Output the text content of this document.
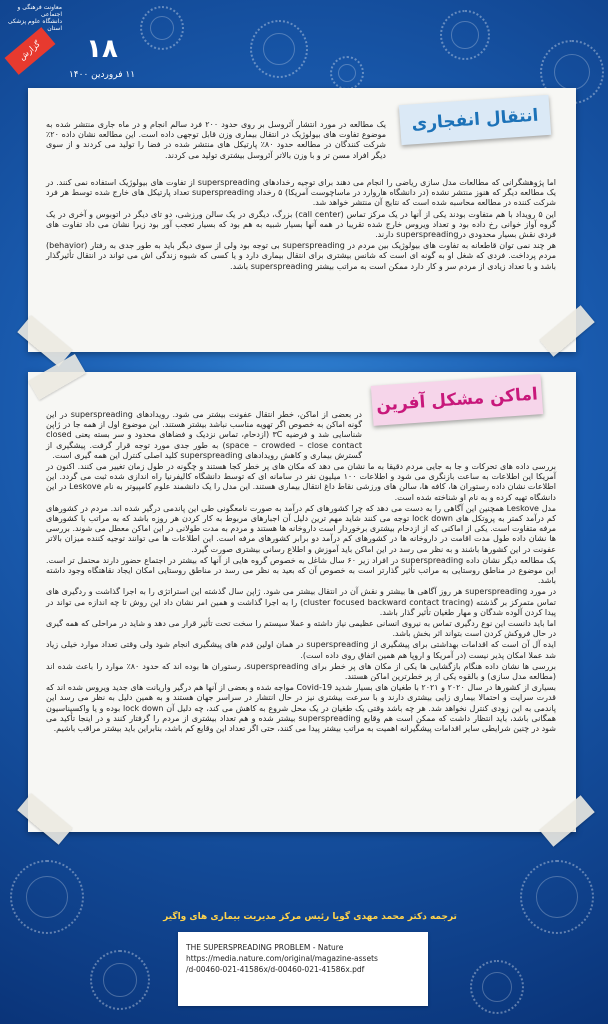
معاونت فرهنگی و اجتماعی
دانشگاه علوم پزشکی
استان
گزارش	۱۸
۱۱ فروردین ۱۴۰۰
انتقال انفجاری

یک مطالعه در مورد انتشار آئروسل بر روی حدود ۲۰۰ فرد سالم انجام و در ماه جاری منتشر شده به موضوع تفاوت های بیولوژیک در انتقال بیماری وزن قابل توجهی داده است. این مطالعه نشان داده ۲۰٪ شرکت کنندگان در مطالعه حدود ۸۰٪ پارتیکل های منتشر شده در فضا را تولید می کردند و از سوی دیگر افراد مسن تر و با وزن بالاتر آئروسل بیشتری تولید می کردند.

اما پژوهشگرانی که مطالعات مدل سازی ریاضی را انجام می دهند برای توجیه رخدادهای superspreading از تفاوت های بیولوژیک استفاده نمی کنند. در یک مطالعه دیگر که هنوز منتشر نشده (در دانشگاه هاروارد در ماساچوست آمریکا) ۵ رخداد superspreading تعداد پارتیکل های خارج شده توسط هر فرد شرکت کننده در مطالعه محاسبه شده است که نتایج آن منتشر خواهد شد.

این ۵ رویداد با هم متفاوت بودند یکی از آنها در یک مرکز تماس (call center) بزرگ، دیگری در یک سالن ورزشی، دو تای دیگر در اتوبوس و آخری در یک گروه آواز خوانی رخ داده بود و تعداد ویروس خارج شده تقریبا در همه آنها بسیار شبیه به هم بود که بسیار تعجب آور بود زیرا نشان می داد تفاوت های فردی نقش بسیار محدودی درsuperspreading دارند.

هر چند نمی توان قاطعانه به تفاوت های بیولوژیک بین مردم در superspreading بی توجه بود ولی از سوی دیگر باید به طور جدی به رفتار (behavior) مردم پرداخت. فردی که شغل او به گونه ای است که شانس بیشتری برای انتقال بیماری دارد و یا کسی که شیوه زندگی اش می تواند در انتقال تأثیرگذار باشد و با تعداد زیادی از مردم سر و کار دارد ممکن است به مراتب بیشتر superspreading باشد.

اماکن مشکل آفرین

در بعضی از اماکن، خطر انتقال عفونت بیشتر می شود. رویدادهای superspreading در این گونه اماکن به خصوص اگر تهویه مناسب نباشد بیشتر هستند. این موضوع اول از همه جا در ژاپن شناسایی شد و فرضیه ۳C (ازدحام، تماس نزدیک و فضاهای محدود و سر بسته یعنی closed space – crowded – close contact) به طور جدی مورد توجه قرار گرفت. پیشگیری از گسترش بیماری و کاهش رویدادهای superspreading کلید اصلی کنترل این همه گیری است.

بررسی داده های تحرکات و جا به جایی مردم دقیقا به ما نشان می دهد که مکان های پر خطر کجا هستند و چگونه در طول زمان تغییر می کنند. اکنون در آمریکا این اطلاعات به ساعت بازنگری می شود و اطلاعات ۱۰۰ میلیون نفر در سامانه ای که توسط دانشگاه کالیفرنیا راه اندازی شده ثبت می گردد. این اطلاعات نشان داده رستوران ها، کافه ها، سالن های ورزشی نقاط داغ انتقال بیماری هستند. این مدل را یک دانشمند علوم کامپیوتر به نام Leskove در این دانشگاه تهیه کرده و به نام او شناخته شده است.

مدل Leskove همچنین این آگاهی را به دست می دهد که چرا کشورهای کم درآمد به صورت نامعگونی طی این پاندمی درگیر شده اند. مردم در کشورهای کم درآمد کمتر به پروتکل های lock down توجه می کنند شاید مهم ترین دلیل آن اجبارهای مربوط به کار کردن هر روزه باشد که به مراتب با کشورهای مرفه متفاوت است. یکی از اماکنی که از ازدحام بیشتری برخوردار است داروخانه ها هستند و مردم به مدت طولانی در این اماکن معطل می شوند. بررسی ها نشان داده طول مدت اقامت در داروخانه ها در کشورهای کم درآمد دو برابر کشورهای مرفه است. این اطلاعات ها می توانند توجیه کننده میزان بالاتر عفونت در این کشورها باشند و به نظر می رسد در این اماکن باید آموزش و اطلاع رسانی بیشتری صورت گیرد.

یک مطالعه دیگر نشان داده superspreading در افراد زیر ۶۰ سال شاغل به خصوص گروه هایی از آنها که بیشتر در اجتماع حضور دارند محتمل تر است. این موضوع در مناطق روستایی به مراتب تأثیر گذارتر است به خصوص آن که بعید به نظر می رسد در مناطق روستایی امکان ایجاد نقاهتگاه وجود داشته باشد.

در مورد superspreading هر روز آگاهی ها بیشتر و نقش آن در انتقال بیشتر می شود. ژاپن سال گذشته این استراتژی را به اجرا گذاشت و ردگیری های تماس متمرکز بر گذشته (cluster focused backward contact tracing) را به اجرا گذاشت و همین امر نشان داد این روش تا چه اندازه می تواند در پیدا کردن آلوده شدگان و مهار طغیان تأثیر گذار باشد.

اما باید دانست این نوع ردگیری تماس به نیروی انسانی عظیمی نیاز داشته و عملا سیستم را سخت تحت تأثیر قرار می دهد و شاید در مراحلی که همه گیری در حال فروکش کردن است بتواند اثر بخش باشد.

ایده آل آن است که اقدامات بهداشتی برای پیشگیری از superspreading در همان اولین قدم های پیشگیری انجام شود ولی وقتی تعداد موارد خیلی زیاد شد عملا امکان پذیر نیست (در آمریکا و اروپا هم همین اتفاق روی داده است).

بررسی ها نشان داده هنگام بازگشایی ها یکی از مکان های پر خطر برای superspreading، رستوران ها بوده اند که حدود ۸۰٪ موارد را باعث شده اند (مطالعه مدل سازی) و بالقوه یکی از پر خطرترین اماکن هستند.

بسیاری از کشورها در سال ۲۰۲۰ و ۲۰۲۱ با طغیان های بسیار شدید Covid-19 مواجه شده و بعضی از آنها هم درگیر واریانت های جدید ویروس شده اند که قدرت سرایت و احتمالا بیماری زایی بیشتری دارند و با سرعت بیشتری نیز در حال انتشار در سراسر جهان هستند و به همین دلیل به نظر می رسد این پاندمی به این زودی کنترل نخواهد شد. هر چه باشد وقتی یک طغیان در یک محل شروع به کاهش می کند، چه دلیل آن lock down بوده و یا واکسیناسیون همگانی باشد، باید انتظار داشت که ممکن است هم وقایع superspreading بیشتر شده و هم تعداد بیشتری از مردم را گرفتار کنند و در اینجا تأکید می شود در چنین شرایطی سایر اقدامات پیشگیرانه اهمیت به مراتب بیشتر پیدا می کنند، حتی اگر تعداد این وقایع کم باشد، بنابراین باید بیشتر مراقب باشیم.

ترجمه دکتر محمد مهدی گویا رئیس مرکز مدیریت بیماری های واگیر
THE SUPERSPREADING PROBLEM - Nature
https://media.nature.com/original/magazine-assets
/d-00460-021-41586x/d-00460-021-41586x.pdf
